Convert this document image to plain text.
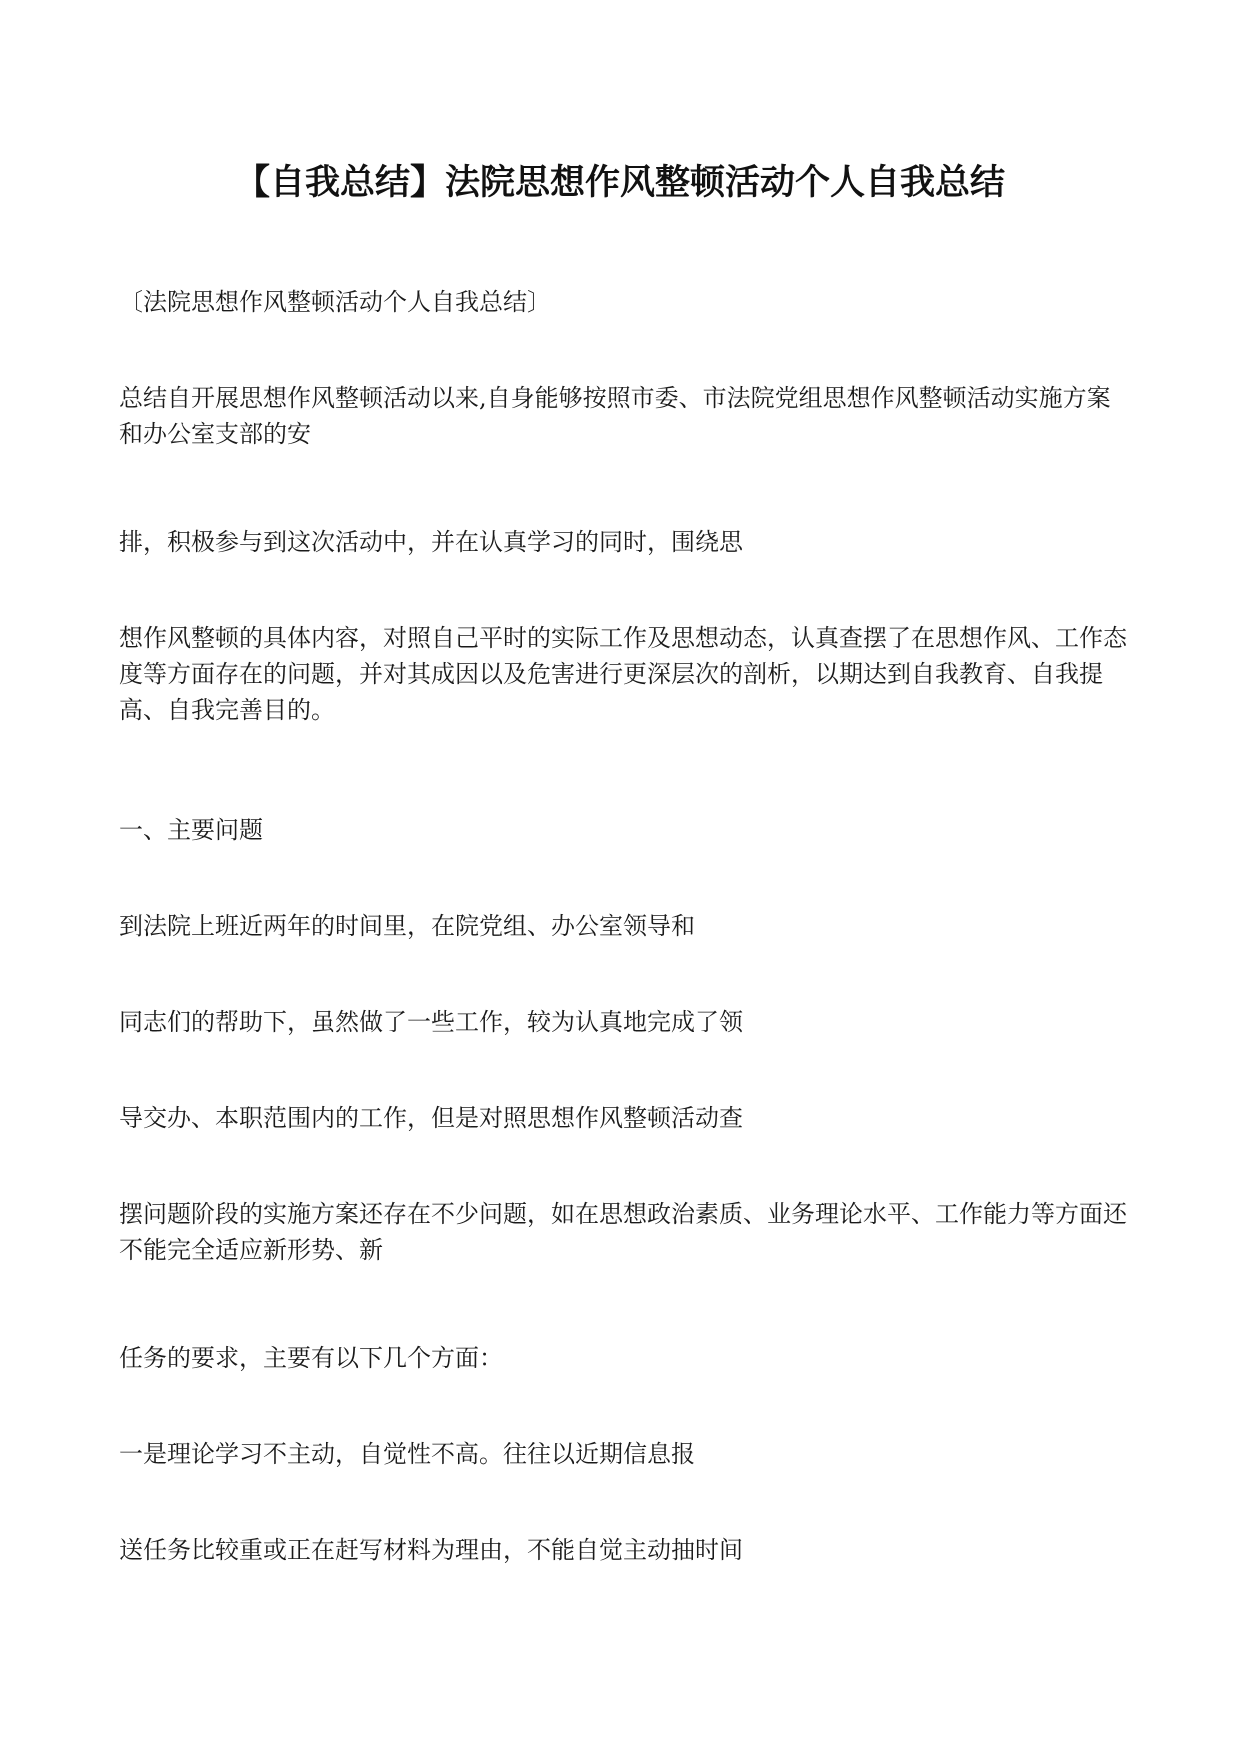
【自我总结】法院思想作风整顿活动个人自我总结

〔法院思想作风整顿活动个人自我总结〕

总结自开展思想作风整顿活动以来,自身能够按照市委、市法院党组思想作风整顿活动实施方案和办公室支部的安

排，积极参与到这次活动中，并在认真学习的同时，围绕思

想作风整顿的具体内容，对照自己平时的实际工作及思想动态，认真查摆了在思想作风、工作态度等方面存在的问题，并对其成因以及危害进行更深层次的剖析，以期达到自我教育、自我提高、自我完善目的。

一、主要问题

到法院上班近两年的时间里，在院党组、办公室领导和

同志们的帮助下，虽然做了一些工作，较为认真地完成了领

导交办、本职范围内的工作，但是对照思想作风整顿活动查

摆问题阶段的实施方案还存在不少问题，如在思想政治素质、业务理论水平、工作能力等方面还不能完全适应新形势、新

任务的要求，主要有以下几个方面：

一是理论学习不主动，自觉性不高。往往以近期信息报

送任务比较重或正在赶写材料为理由，不能自觉主动抽时间
